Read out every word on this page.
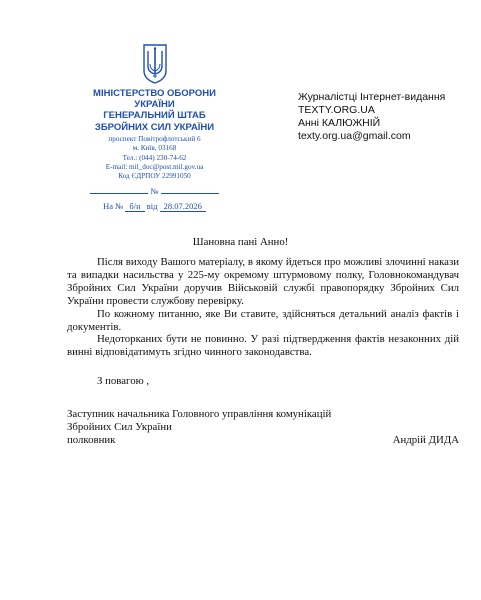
МІНІСТЕРСТВО ОБОРОНИ
УКРАЇНИ
ГЕНЕРАЛЬНИЙ ШТАБ
ЗБРОЙНИХ СИЛ УКРАЇНИ
проспект Повітрофлотський 6
м. Київ, 03168
Тел.: (044) 230-74-62
E-mail: mil_doc@post.mil.gov.ua
Код ЄДРПОУ 22991050
№
На № б/н від 28.07.2026
Журналістці Інтернет-видання
TEXTY.ORG.UA
Анні КАЛЮЖНІЙ
texty.org.ua@gmail.com
Шановна пані Анно!

Після виходу Вашого матеріалу, в якому йдеться про можливі злочинні накази та випадки насильства у 225-му окремому штурмовому полку, Головнокомандувач Збройних Сил України доручив Військовій службі правопорядку Збройних Сил України провести службову перевірку.

По кожному питанню, яке Ви ставите, здійсняться детальний аналіз фактів і документів.

Недоторканих бути не повинно. У разі підтвердження фактів незаконних дій винні відповідатимуть згідно чинного законодавства.

З повагою ,
Заступник начальника Головного управління комунікацій
Збройних Сил України
полковник	Андрій ДИДА
